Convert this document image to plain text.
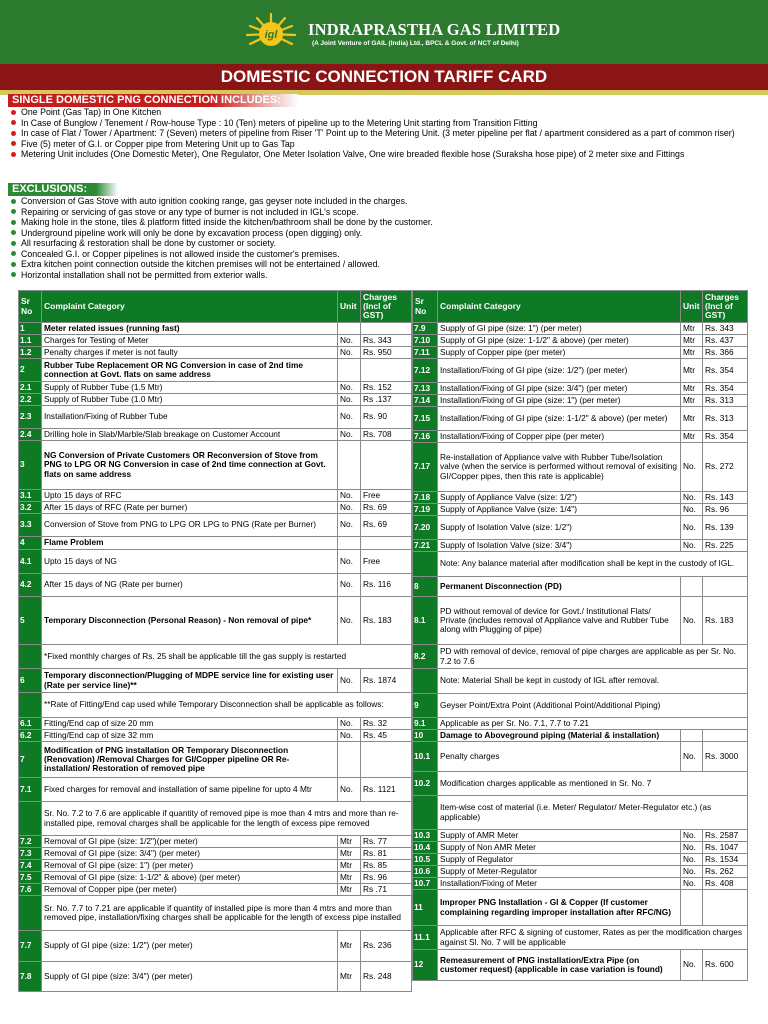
igl INDRAPRASTHA GAS LIMITED
(A Joint Venture of GAIL (India) Ltd., BPCL & Govt. of NCT of Delhi)
DOMESTIC CONNECTION TARIFF CARD
SINGLE DOMESTIC PNG CONNECTION INCLUDES:
One Point (Gas Tap) in One Kitchen
In Case of Bunglow / Tenement / Row-house Type : 10 (Ten) meters of pipeline up to the Metering Unit starting from Transition Fitting
In case of Flat / Tower / Apartment: 7 (Seven) meters of pipeline from Riser 'T' Point up to the Metering Unit. (3 meter pipeline per flat / apartment considered as a part of common riser)
Five (5) meter of G.I. or Copper pipe from Metering Unit up to Gas Tap
Metering Unit includes (One Domestic Meter), One Regulator, One Meter Isolation Valve, One wire breaded flexible hose (Suraksha hose pipe) of 2 meter sixe and Fittings
EXCLUSIONS:
Conversion of Gas Stove with auto ignition cooking range, gas geyser note included in the charges.
Repairing or servicing of gas stove or any type of burner is not included in IGL's scope.
Making hole in the stone, tiles & platform fitted inside the kitchen/bathroom shall be done by the customer.
Underground pipeline work will only be done by excavation process (open digging) only.
All resurfacing & restoration shall be done by customer or society.
Concealed G.I. or Copper pipelines is not allowed inside the customer's premises.
Extra kitchen point connection outside the kitchen premises will not be entertained / allowed.
Horizontal installation shall not be permitted from exterior walls.
Sr No	Complaint Category	Unit	Charges (Incl of GST)
1	Meter related issues (running fast)		
1.1	Charges for Testing of Meter	No.	Rs. 343
1.2	Penalty charges if meter is not faulty	No.	Rs. 950
2	Rubber Tube Replacement OR NG Conversion in case of 2nd time connection at Govt. flats on same address		
2.1	Supply of Rubber Tube (1.5 Mtr)	No.	Rs. 152
2.2	Supply of Rubber Tube (1.0 Mtr)	No.	Rs .137
2.3	Installation/Fixing of Rubber Tube	No.	Rs. 90
2.4	Drilling hole in Slab/Marble/Slab breakage on Customer Account	No.	Rs. 708
3	NG Conversion of Private Customers OR Reconversion of Stove from PNG to LPG OR NG Conversion in case of 2nd time connection at Govt. flats on same address		
3.1	Upto 15 days of RFC	No.	Free
3.2	After 15 days of RFC (Rate per burner)	No.	Rs. 69
3.3	Conversion of Stove from PNG to LPG OR LPG to PNG (Rate per Burner)	No.	Rs. 69
4	Flame Problem		
4.1	Upto 15 days of NG	No.	Free
4.2	After 15 days of NG (Rate per burner)	No.	Rs. 116
5	Temporary Disconnection (Personal Reason) - Non removal of pipe*	No.	Rs. 183
	*Fixed monthly charges of Rs. 25 shall be applicable till the gas supply is restarted		
6	Temporary disconnection/Plugging of MDPE service line for existing user (Rate per service line)**	No.	Rs. 1874
	**Rate of Fitting/End cap used while Temporary Disconnection shall be applicable as follows:		
6.1	Fitting/End cap of size 20 mm	No.	Rs. 32
6.2	Fitting/End cap of size 32 mm	No.	Rs. 45
7	Modification of PNG installation OR Temporary Disconnection (Renovation) /Removal Charges for GI/Copper pipeline OR Re-installation/ Restoration of removed pipe		
7.1	Fixed charges for removal and installation of same pipeline for upto 4 Mtr	No.	Rs. 1121
	Sr. No. 7.2 to 7.6 are applicable if quantity of removed pipe is moe than 4 mtrs and more than re-installed pipe, removal charges shall be applicable for the length of excess pipe removed		
7.2	Removal of GI pipe (size: 1/2")(per meter)	Mtr	Rs. 77
7.3	Removal of GI pipe (size: 3/4") (per meter)	Mtr	Rs. 81
7.4	Removal of GI pipe (size: 1") (per meter)	Mtr	Rs. 85
7.5	Removal of GI pipe (size: 1-1/2" & above) (per meter)	Mtr	Rs. 96
7.6	Removal of Copper pipe (per meter)	Mtr	Rs .71
	Sr. No. 7.7 to 7.21 are applicable if quantity of installed pipe is more than 4 mtrs and more than removed pipe, installation/fixing charges shall be applicable for the length of excess pipe installed		
7.7	Supply of GI pipe (size: 1/2") (per meter)	Mtr	Rs. 236
7.8	Supply of GI pipe (size: 3/4") (per meter)	Mtr	Rs. 248
Sr No	Complaint Category	Unit	Charges (Incl of GST)
7.9	Supply of GI pipe (size: 1") (per meter)	Mtr	Rs. 343
7.10	Supply of GI pipe (size: 1-1/2" & above) (per meter)	Mtr	Rs. 437
7.11	Supply of Copper pipe (per meter)	Mtr	Rs. 366
7.12	Installation/Fixing of GI pipe (size: 1/2") (per meter)	Mtr	Rs. 354
7.13	Installation/Fixing of GI pipe (size: 3/4") (per meter)	Mtr	Rs. 354
7.14	Installation/Fixing of GI pipe (size: 1") (per meter)	Mtr	Rs. 313
7.15	Installation/Fixing of GI pipe (size: 1-1/2" & above) (per meter)	Mtr	Rs. 313
7.16	Installation/Fixing of Copper pipe (per meter)	Mtr	Rs. 354
7.17	Re-installation of Appliance valve with Rubber Tube/Isolation valve (when the service is performed without removal of exisiting GI/Copper pipes, then this rate is applicable)	No.	Rs. 272
7.18	Supply of Appliance Valve (size: 1/2")	No.	Rs. 143
7.19	Supply of Appliance Valve (size: 1/4")	No.	Rs. 96
7.20	Supply of Isolation Valve (size: 1/2")	No.	Rs. 139
7.21	Supply of Isolation Valve (size: 3/4")	No.	Rs. 225
	Note: Any balance material after modification shall be kept in the custody of IGL.		
8	Permanent Disconnection (PD)		
8.1	PD without removal of device for Govt./ Institutional Flats/ Private (includes removal of Appliance valve and Rubber Tube along with Plugging of pipe)	No.	Rs. 183
8.2	PD with removal of device, removal of pipe charges are applicable as per Sr. No. 7.2 to 7.6		
	Note: Material Shall be kept in custody of IGL after removal.		
9	Geyser Point/Extra Point (Additional Point/Additional Piping)		
9.1	Applicable as per Sr. No. 7.1, 7.7 to 7.21		
10	Damage to Aboveground piping (Material & installation)		
10.1	Penalty charges	No.	Rs. 3000
10.2	Modification charges applicable as mentioned in Sr. No. 7		
	Item-wise cost of material (i.e. Meter/ Regulator/ Meter-Regulator etc.) (as applicable)		
10.3	Supply of AMR Meter	No.	Rs. 2587
10.4	Supply of Non AMR Meter	No.	Rs. 1047
10.5	Supply of Regulator	No.	Rs. 1534
10.6	Supply of Meter-Regulator	No.	Rs. 262
10.7	Installation/Fixing of Meter	No.	Rs. 408
11	Improper PNG Installation - GI & Copper (If customer complaining regarding improper installation after RFC/NG)		
11.1	Applicable after RFC & signing of customer, Rates as per the modification charges against Sl. No. 7 will be applicable		
12	Remeasurement of PNG installation/Extra Pipe (on customer request) (applicable in case variation is found)	No.	Rs. 600
